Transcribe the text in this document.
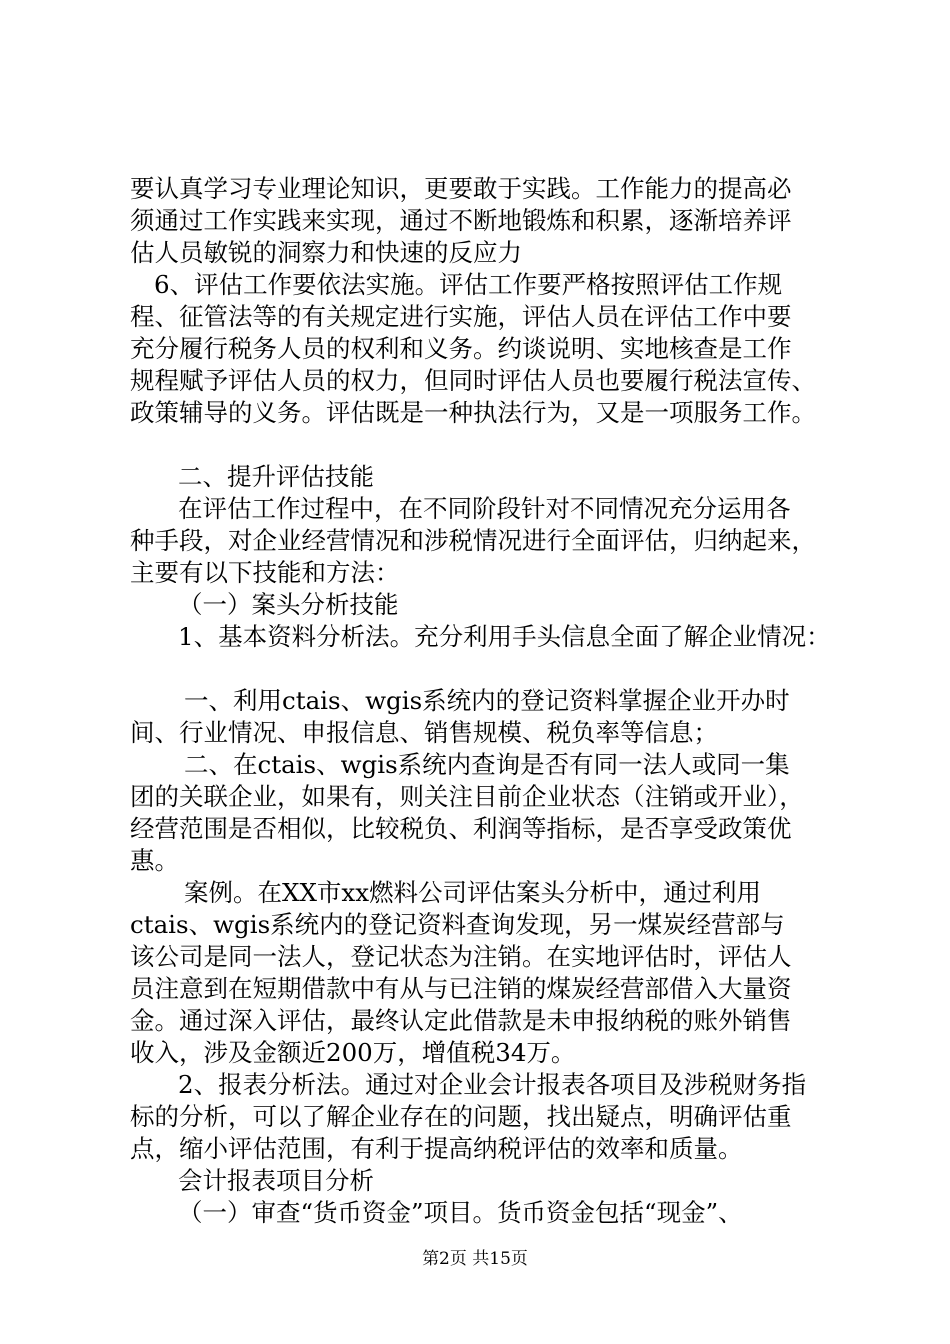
要认真学习专业理论知识，更要敢于实践。工作能力的提高必

须通过工作实践来实现，通过不断地锻炼和积累，逐渐培养评

估人员敏锐的洞察力和快速的反应力

6、评估工作要依法实施。评估工作要严格按照评估工作规

程、征管法等的有关规定进行实施，评估人员在评估工作中要

充分履行税务人员的权利和义务。约谈说明、实地核查是工作

规程赋予评估人员的权力，但同时评估人员也要履行税法宣传、

政策辅导的义务。评估既是一种执法行为，又是一项服务工作。

二、提升评估技能

在评估工作过程中，在不同阶段针对不同情况充分运用各

种手段，对企业经营情况和涉税情况进行全面评估，归纳起来，

主要有以下技能和方法：

（一）案头分析技能

1、基本资料分析法。充分利用手头信息全面了解企业情况：

一、利用ctais、wgis系统内的登记资料掌握企业开办时

间、行业情况、申报信息、销售规模、税负率等信息；

二、在ctais、wgis系统内查询是否有同一法人或同一集

团的关联企业，如果有，则关注目前企业状态（注销或开业），

经营范围是否相似，比较税负、利润等指标，是否享受政策优

惠。

案例。在XX市xx燃料公司评估案头分析中，通过利用

ctais、wgis系统内的登记资料查询发现，另一煤炭经营部与

该公司是同一法人，登记状态为注销。在实地评估时，评估人

员注意到在短期借款中有从与已注销的煤炭经营部借入大量资

金。通过深入评估，最终认定此借款是未申报纳税的账外销售

收入，涉及金额近200万，增值税34万。

2、报表分析法。通过对企业会计报表各项目及涉税财务指

标的分析，可以了解企业存在的问题，找出疑点，明确评估重

点，缩小评估范围，有利于提高纳税评估的效率和质量。

会计报表项目分析

（一）审查“货币资金”项目。货币资金包括“现金”、

第2页 共15页
